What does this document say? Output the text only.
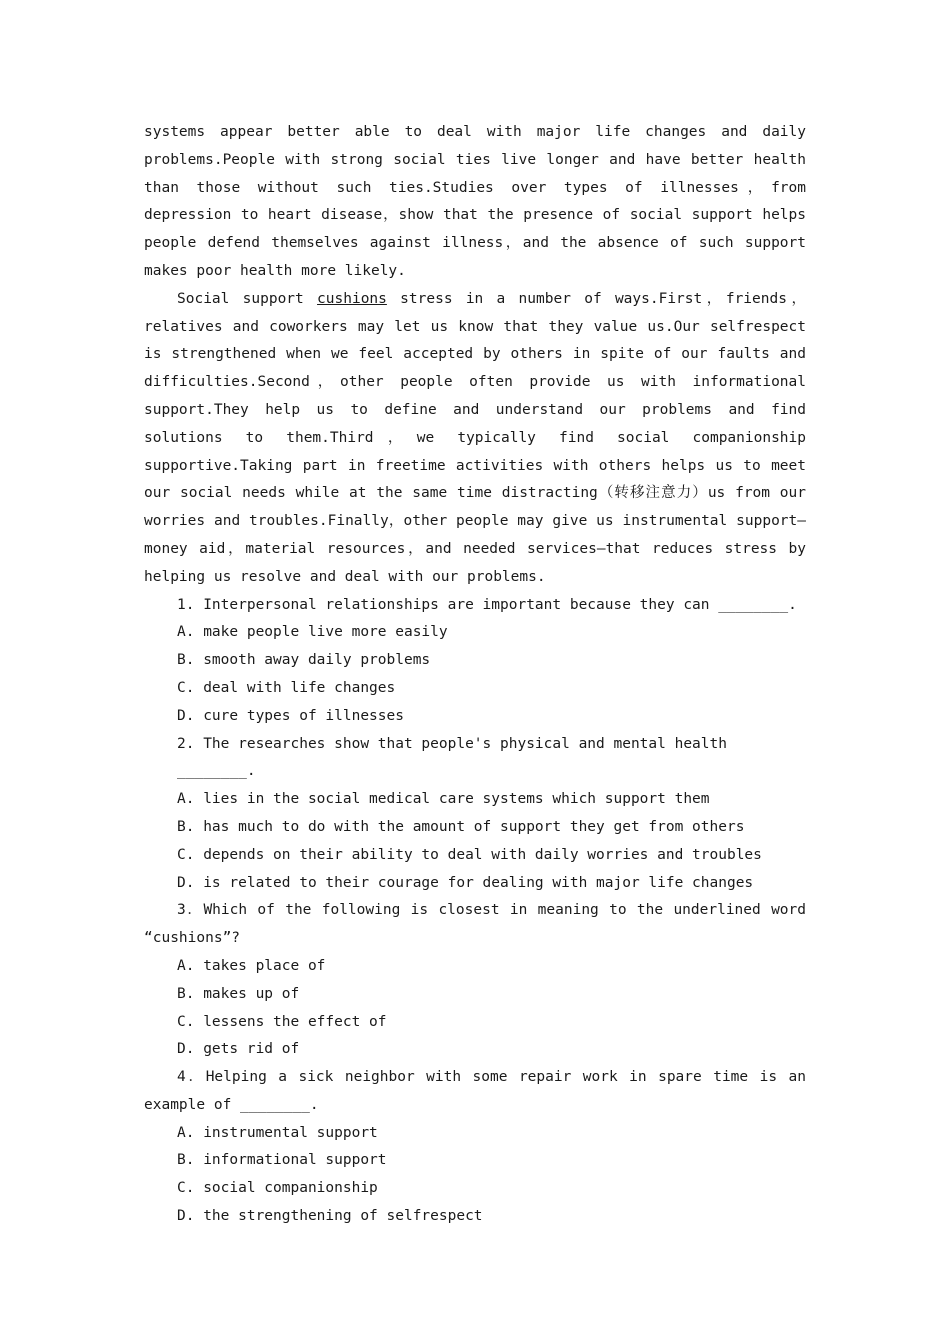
systems appear better able to deal with major life changes and daily problems.People with strong social ties live longer and have better health than those without such ties.Studies over types of illnesses，from depression to heart disease，show that the presence of social support helps people defend themselves against illness，and the absence of such support makes poor health more likely.

Social support cushions stress in a number of ways.First，friends，relatives and coworkers may let us know that they value us.Our selfrespect is strengthened when we feel accepted by others in spite of our faults and difficulties.Second，other people often provide us with informational support.They help us to define and understand our problems and find solutions to them.Third，we typically find social companionship supportive.Taking part in freetime activities with others helps us to meet our social needs while at the same time distracting（转移注意力）us from our worries and troubles.Finally，other people may give us instrumental support—money aid，material resources，and needed services—that reduces stress by helping us resolve and deal with our problems.

1. Interpersonal relationships are important because they can ________.

A. make people live more easily

B. smooth away daily problems

C. deal with life changes

D. cure types of illnesses

2. The researches show that people's physical and mental health ________.

A. lies in the social medical care systems which support them

B. has much to do with the amount of support they get from others

C. depends on their ability to deal with daily worries and troubles

D. is related to their courage for dealing with major life changes

3．Which of the following is closest in meaning to the underlined word “cushions”?

A. takes place of

B. makes up of

C. lessens the effect of

D. gets rid of

4．Helping a sick neighbor with some repair work in spare time is an example of ________.

A. instrumental support

B. informational support

C. social companionship

D. the strengthening of selfrespect
